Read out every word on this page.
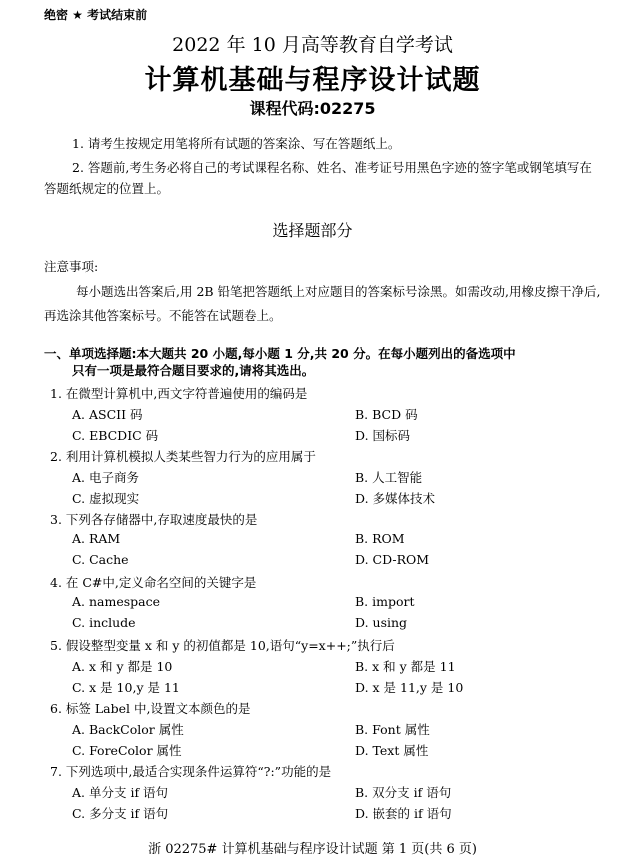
绝密 ★ 考试结束前
2022 年 10 月高等教育自学考试
计算机基础与程序设计试题
课程代码:02275
1. 请考生按规定用笔将所有试题的答案涂、写在答题纸上。
2. 答题前,考生务必将自己的考试课程名称、姓名、准考证号用黑色字迹的签字笔或钢笔填写在答题纸规定的位置上。
选择题部分
注意事项:
每小题选出答案后,用 2B 铅笔把答题纸上对应题目的答案标号涂黑。如需改动,用橡皮擦干净后,再选涂其他答案标号。不能答在试题卷上。
一、单项选择题:本大题共 20 小题,每小题 1 分,共 20 分。在每小题列出的备选项中
只有一项是最符合题目要求的,请将其选出。
1. 在微型计算机中,西文字符普遍使用的编码是
A. ASCII 码	B. BCD 码
C. EBCDIC 码	D. 国标码
2. 利用计算机模拟人类某些智力行为的应用属于
A. 电子商务	B. 人工智能
C. 虚拟现实	D. 多媒体技术
3. 下列各存储器中,存取速度最快的是
A. RAM	B. ROM
C. Cache	D. CD-ROM
4. 在 C#中,定义命名空间的关键字是
A. namespace	B. import
C. include	D. using
5. 假设整型变量 x 和 y 的初值都是 10,语句“y=x++;”执行后
A. x 和 y 都是 10	B. x 和 y 都是 11
C. x 是 10,y 是 11	D. x 是 11,y 是 10
6. 标签 Label 中,设置文本颜色的是
A. BackColor 属性	B. Font 属性
C. ForeColor 属性	D. Text 属性
7. 下列选项中,最适合实现条件运算符“?:”功能的是
A. 单分支 if 语句	B. 双分支 if 语句
C. 多分支 if 语句	D. 嵌套的 if 语句
浙 02275# 计算机基础与程序设计试题 第 1 页(共 6 页)
